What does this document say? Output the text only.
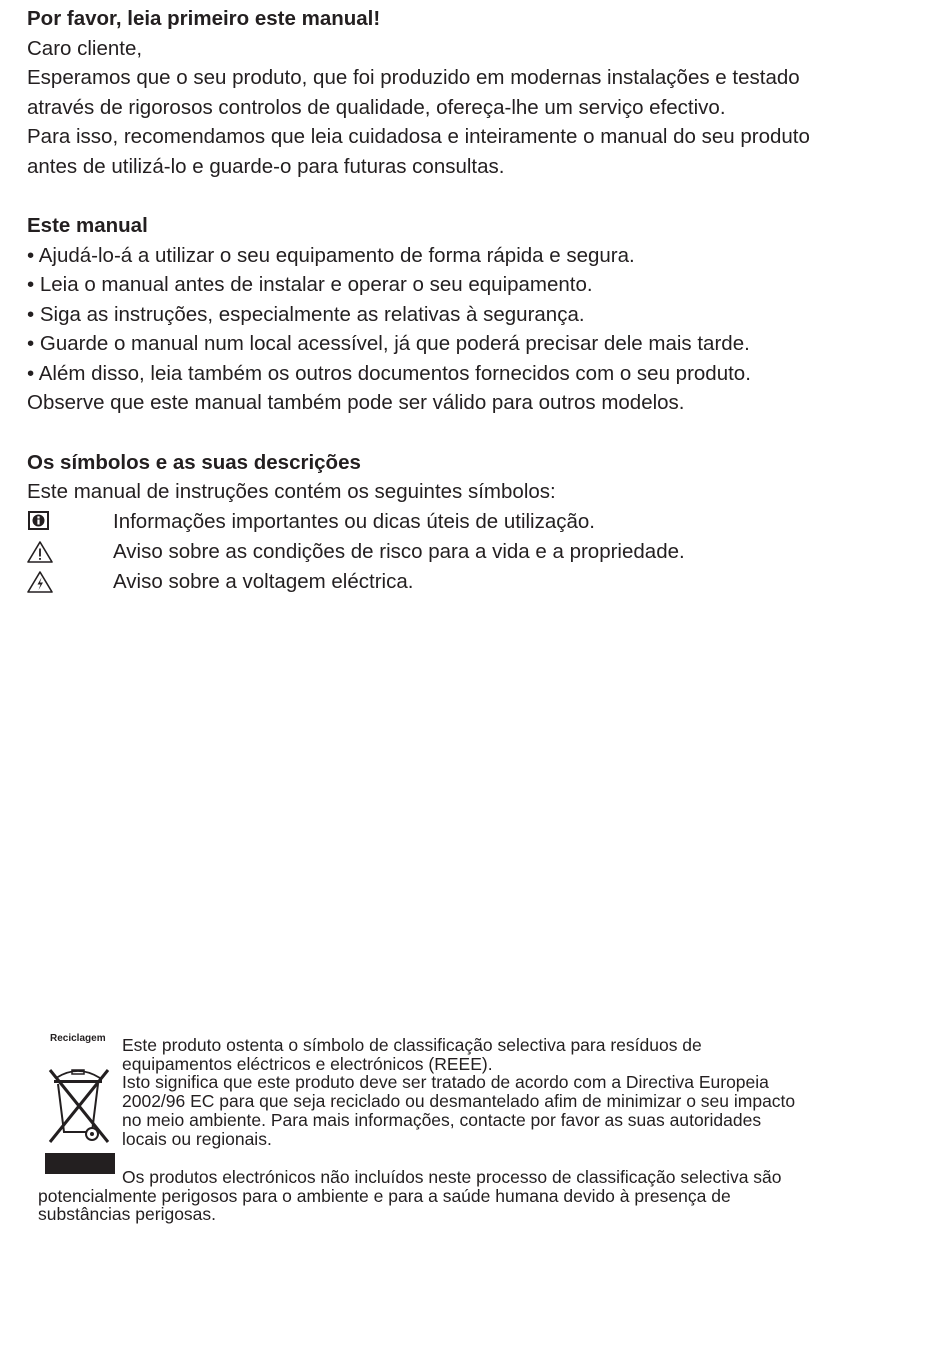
Por favor, leia primeiro este manual!

Caro cliente,

Esperamos que o seu produto, que foi produzido em modernas instalações e testado

através de rigorosos controlos de qualidade, ofereça-lhe um serviço efectivo.

Para isso, recomendamos que leia cuidadosa e inteiramente o manual do seu produto

antes de utilizá-lo e guarde-o para futuras consultas.

Este manual

• Ajudá-lo-á a utilizar o seu equipamento de forma rápida e segura.

• Leia o manual antes de instalar e operar o seu equipamento.

• Siga as instruções, especialmente as relativas à segurança.

• Guarde o manual num local acessível, já que poderá precisar dele mais tarde.

• Além disso, leia também os outros documentos fornecidos com o seu produto.

Observe que este manual também pode ser válido para outros modelos.

Os símbolos e as suas descrições

Este manual de instruções contém os seguintes símbolos:

Informações importantes ou dicas úteis de utilização.
Aviso sobre as condições de risco para a vida e a propriedade.
Aviso sobre a voltagem eléctrica.
Reciclagem Este produto ostenta o símbolo de classificação selectiva para resíduos de

equipamentos eléctricos e electrónicos (REEE).

Isto significa que este produto deve ser tratado de acordo com a Directiva Europeia

2002/96 EC para que seja reciclado ou desmantelado afim de minimizar o seu impacto

no meio ambiente. Para mais informações, contacte por favor as suas autoridades

locais ou regionais.

Os produtos electrónicos não incluídos neste processo de classificação selectiva são

potencialmente perigosos para o ambiente e para a saúde humana devido à presença de

substâncias perigosas.
